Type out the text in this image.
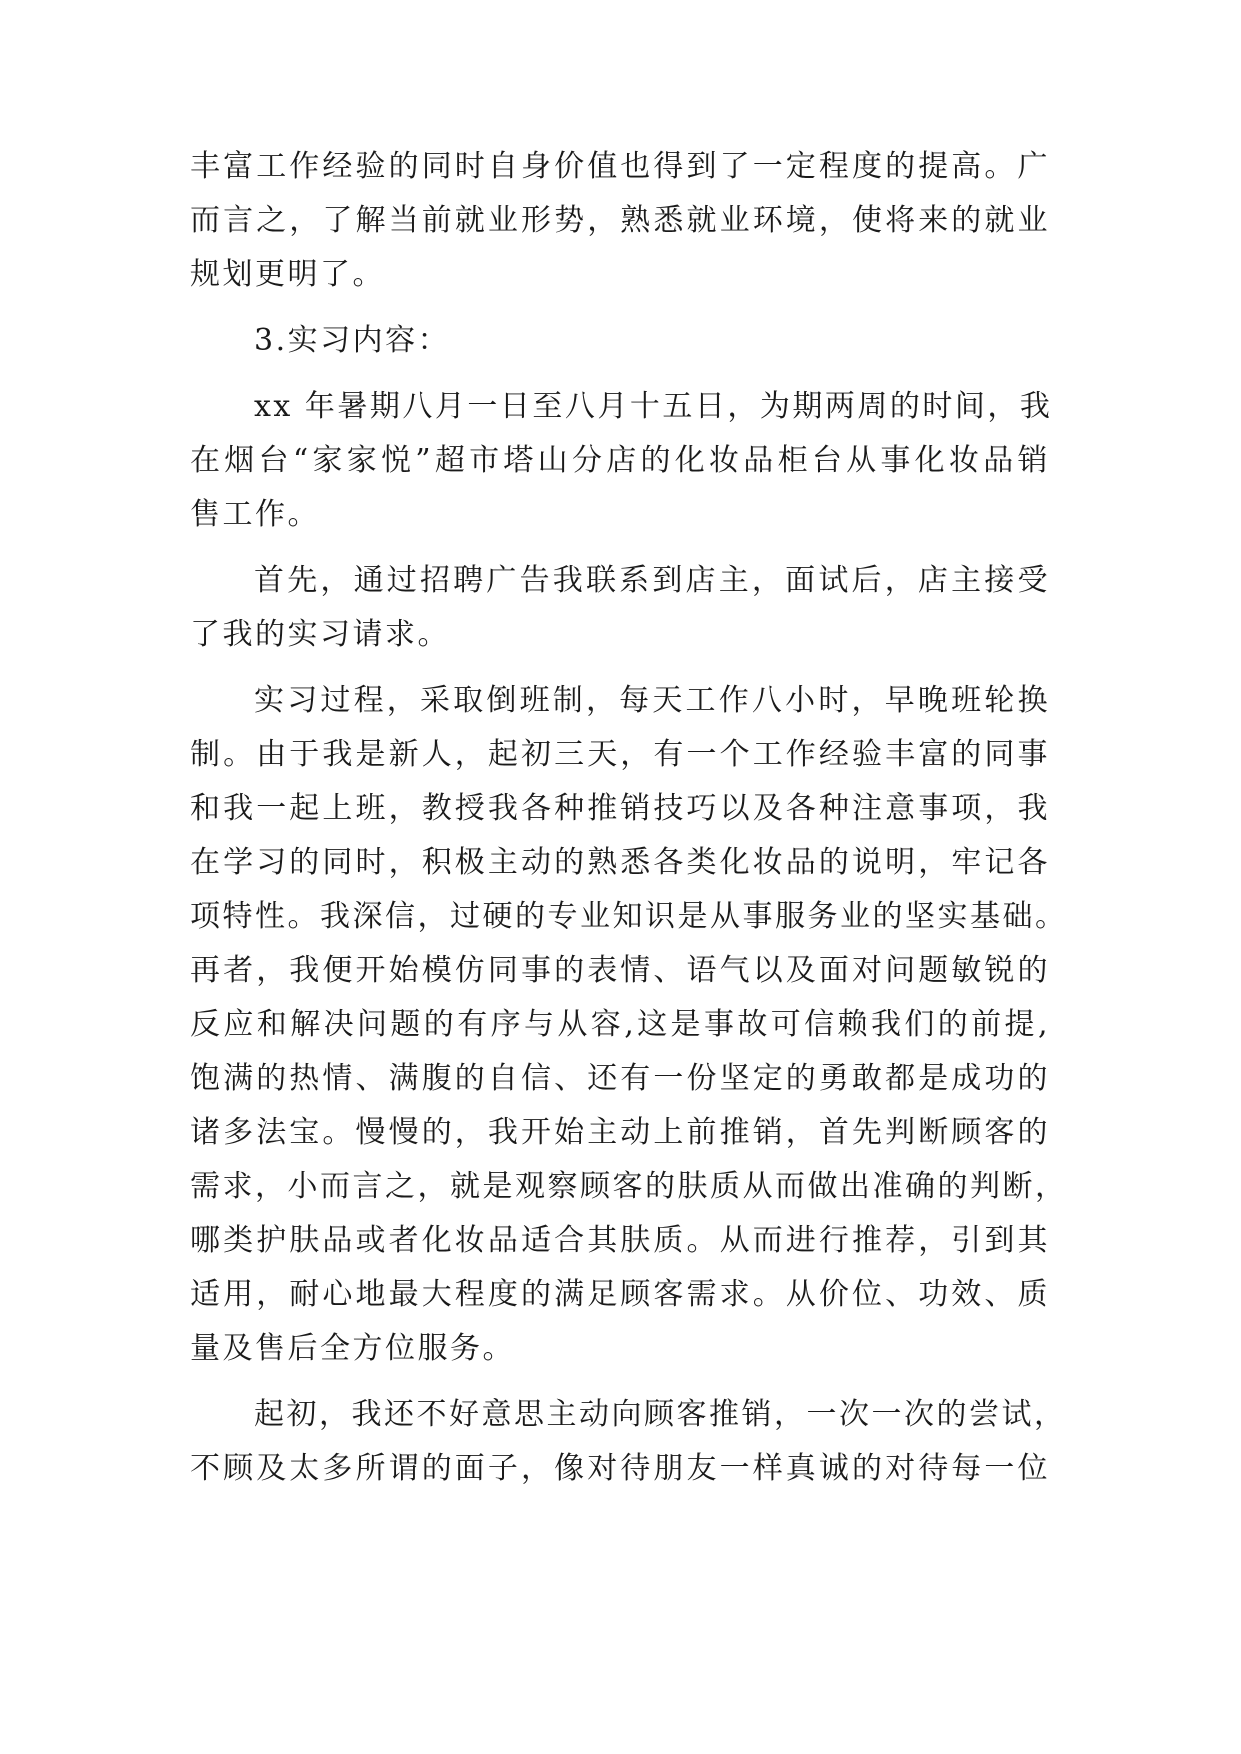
丰富工作经验的同时自身价值也得到了一定程度的提高。广
而言之，了解当前就业形势，熟悉就业环境，使将来的就业
规划更明了。
3.实习内容：
xx 年暑期八月一日至八月十五日，为期两周的时间，我
在烟台“家家悦”超市塔山分店的化妆品柜台从事化妆品销
售工作。
首先，通过招聘广告我联系到店主，面试后，店主接受
了我的实习请求。
实习过程，采取倒班制，每天工作八小时，早晚班轮换
制。由于我是新人，起初三天，有一个工作经验丰富的同事
和我一起上班，教授我各种推销技巧以及各种注意事项，我
在学习的同时，积极主动的熟悉各类化妆品的说明，牢记各
项特性。我深信，过硬的专业知识是从事服务业的坚实基础。
再者，我便开始模仿同事的表情、语气以及面对问题敏锐的
反应和解决问题的有序与从容,这是事故可信赖我们的前提,
饱满的热情、满腹的自信、还有一份坚定的勇敢都是成功的
诸多法宝。慢慢的，我开始主动上前推销，首先判断顾客的
需求，小而言之，就是观察顾客的肤质从而做出准确的判断，
哪类护肤品或者化妆品适合其肤质。从而进行推荐，引到其
适用，耐心地最大程度的满足顾客需求。从价位、功效、质
量及售后全方位服务。
起初，我还不好意思主动向顾客推销，一次一次的尝试，
不顾及太多所谓的面子，像对待朋友一样真诚的对待每一位
